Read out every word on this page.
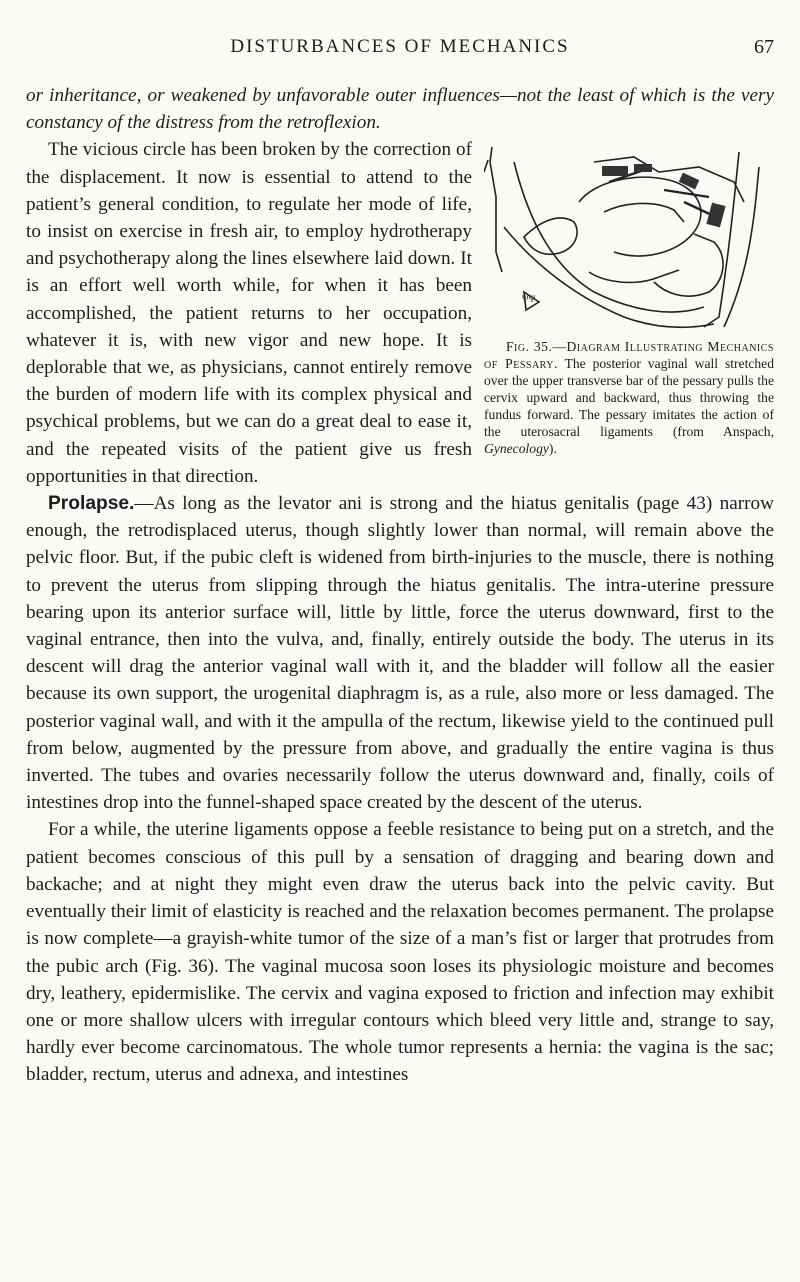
DISTURBANCES OF MECHANICS	67

or inheritance, or weakened by unfavorable outer influences—not the least of which is the very constancy of the distress from the retroflexion.

ΨΨ
Fig. 35.—Diagram Illustrating Mechanics of Pessary. The posterior vaginal wall stretched over the upper transverse bar of the pessary pulls the cervix upward and backward, thus throwing the fundus forward. The pessary imitates the action of the uterosacral ligaments (from Anspach, Gynecology).
The vicious circle has been broken by the correction of the displacement. It now is essential to attend to the patient’s general condition, to regulate her mode of life, to insist on exercise in fresh air, to employ hydrotherapy and psychotherapy along the lines elsewhere laid down. It is an effort well worth while, for when it has been accomplished, the patient returns to her occupation, whatever it is, with new vigor and new hope. It is deplorable that we, as physicians, cannot entirely remove the burden of modern life with its complex physical and psychical problems, but we can do a great deal to ease it, and the repeated visits of the patient give us fresh opportunities in that direction.

Prolapse.—As long as the levator ani is strong and the hiatus genitalis (page 43) narrow enough, the retrodisplaced uterus, though slightly lower than normal, will remain above the pelvic floor. But, if the pubic cleft is widened from birth-injuries to the muscle, there is nothing to prevent the uterus from slipping through the hiatus genitalis. The intra-uterine pressure bearing upon its anterior surface will, little by little, force the uterus downward, first to the vaginal entrance, then into the vulva, and, finally, entirely outside the body. The uterus in its descent will drag the anterior vaginal wall with it, and the bladder will follow all the easier because its own support, the urogenital diaphragm is, as a rule, also more or less damaged. The posterior vaginal wall, and with it the ampulla of the rectum, likewise yield to the continued pull from below, augmented by the pressure from above, and gradually the entire vagina is thus inverted. The tubes and ovaries necessarily follow the uterus downward and, finally, coils of intestines drop into the funnel-shaped space created by the descent of the uterus.

For a while, the uterine ligaments oppose a feeble resistance to being put on a stretch, and the patient becomes conscious of this pull by a sensation of dragging and bearing down and backache; and at night they might even draw the uterus back into the pelvic cavity. But eventually their limit of elasticity is reached and the relaxation becomes permanent. The prolapse is now complete—a grayish-white tumor of the size of a man’s fist or larger that protrudes from the pubic arch (Fig. 36). The vaginal mucosa soon loses its physiologic moisture and becomes dry, leathery, epidermislike. The cervix and vagina exposed to friction and infection may exhibit one or more shallow ulcers with irregular contours which bleed very little and, strange to say, hardly ever become carcinomatous. The whole tumor represents a hernia: the vagina is the sac; bladder, rectum, uterus and adnexa, and intestines
